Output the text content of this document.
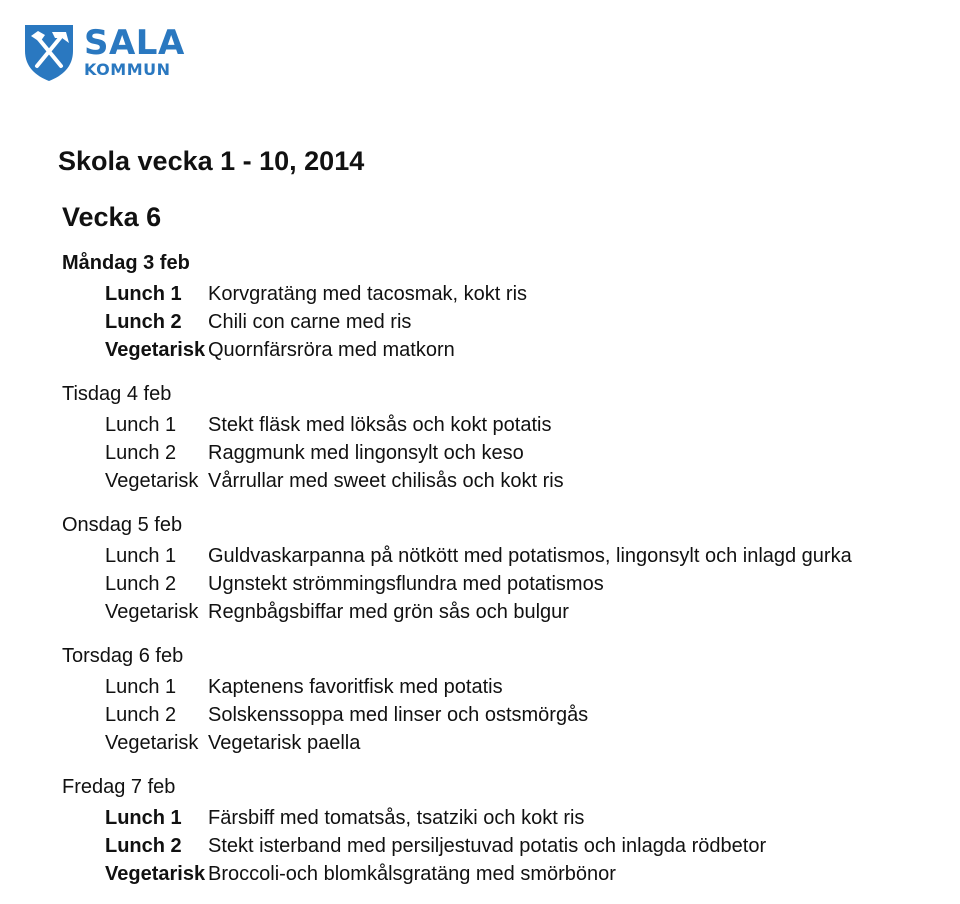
SALA
KOMMUN
Skola vecka 1 - 10, 2014
Vecka 6
Måndag 3 feb
Lunch 1	Korvgratäng med tacosmak, kokt ris
Lunch 2	Chili con carne med ris
Vegetarisk Quornfärsröra med matkorn
Tisdag 4 feb
Lunch 1	Stekt fläsk med löksås och kokt potatis
Lunch 2	Raggmunk med lingonsylt och keso
Vegetarisk Vårrullar med sweet chilisås och kokt ris
Onsdag 5 feb
Lunch 1	Guldvaskarpanna på nötkött med potatismos, lingonsylt och inlagd gurka
Lunch 2	Ugnstekt strömmingsflundra med potatismos
Vegetarisk Regnbågsbiffar med grön sås och bulgur
Torsdag 6 feb
Lunch 1	Kaptenens favoritfisk med potatis
Lunch 2	Solskenssoppa med linser och ostsmörgås
Vegetarisk Vegetarisk paella
Fredag 7 feb
Lunch 1	Färsbiff med tomatsås, tsatziki och kokt ris
Lunch 2	Stekt isterband med persiljestuvad potatis och inlagda rödbetor
Vegetarisk Broccoli-och blomkålsgratäng med smörbönor
